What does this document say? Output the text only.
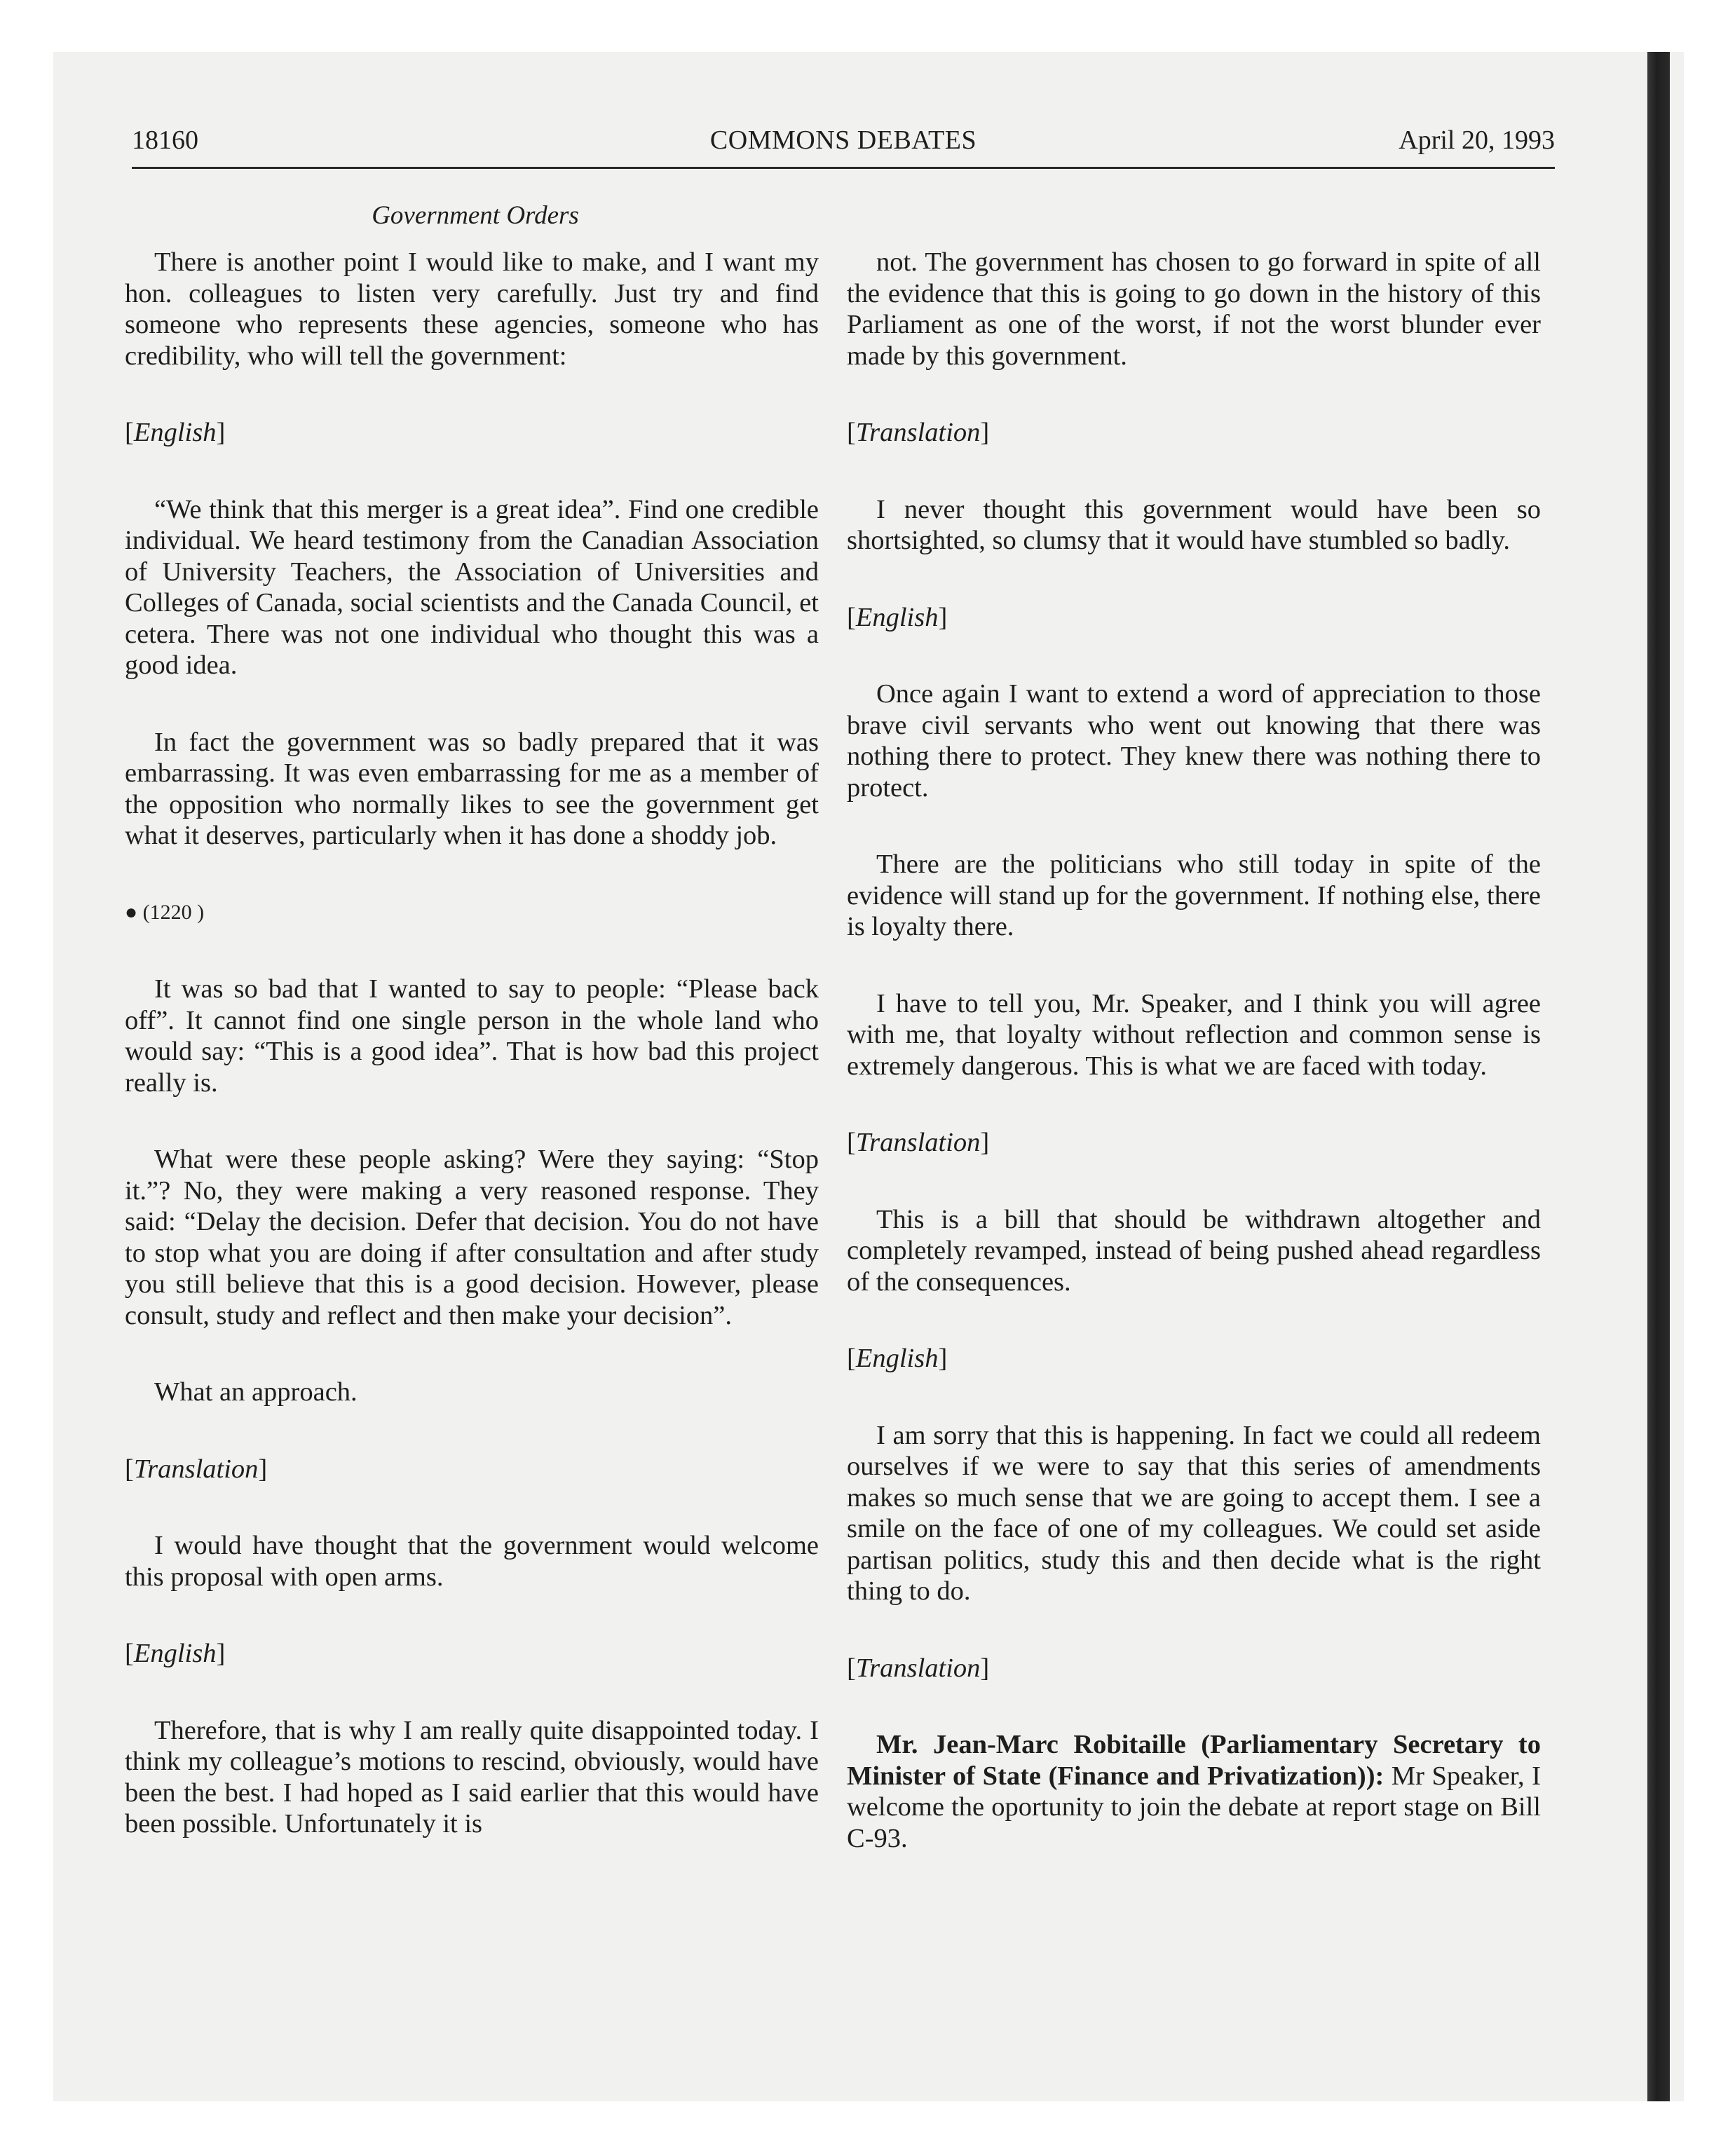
18160	COMMONS DEBATES	April 20, 1993
Government Orders
There is another point I would like to make, and I want my hon. colleagues to listen very carefully. Just try and find someone who represents these agencies, someone who has credibility, who will tell the government:
[English]
“We think that this merger is a great idea”. Find one credible individual. We heard testimony from the Canadian Association of University Teachers, the Association of Universities and Colleges of Canada, social scientists and the Canada Council, et cetera. There was not one individual who thought this was a good idea.
In fact the government was so badly prepared that it was embarrassing. It was even embarrassing for me as a member of the opposition who normally likes to see the government get what it deserves, particularly when it has done a shoddy job.
● (1220 )
It was so bad that I wanted to say to people: “Please back off”. It cannot find one single person in the whole land who would say: “This is a good idea”. That is how bad this project really is.
What were these people asking? Were they saying: “Stop it.”? No, they were making a very reasoned response. They said: “Delay the decision. Defer that decision. You do not have to stop what you are doing if after consultation and after study you still believe that this is a good decision. However, please consult, study and reflect and then make your decision”.
What an approach.
[Translation]
I would have thought that the government would welcome this proposal with open arms.
[English]
Therefore, that is why I am really quite disappointed today. I think my colleague’s motions to rescind, obviously, would have been the best. I had hoped as I said earlier that this would have been possible. Unfortunately it is
not. The government has chosen to go forward in spite of all the evidence that this is going to go down in the history of this Parliament as one of the worst, if not the worst blunder ever made by this government.
[Translation]
I never thought this government would have been so shortsighted, so clumsy that it would have stumbled so badly.
[English]
Once again I want to extend a word of appreciation to those brave civil servants who went out knowing that there was nothing there to protect. They knew there was nothing there to protect.
There are the politicians who still today in spite of the evidence will stand up for the government. If nothing else, there is loyalty there.
I have to tell you, Mr. Speaker, and I think you will agree with me, that loyalty without reflection and common sense is extremely dangerous. This is what we are faced with today.
[Translation]
This is a bill that should be withdrawn altogether and completely revamped, instead of being pushed ahead regardless of the consequences.
[English]
I am sorry that this is happening. In fact we could all redeem ourselves if we were to say that this series of amendments makes so much sense that we are going to accept them. I see a smile on the face of one of my colleagues. We could set aside partisan politics, study this and then decide what is the right thing to do.
[Translation]
Mr. Jean-Marc Robitaille (Parliamentary Secretary to Minister of State (Finance and Privatization)): Mr Speaker, I welcome the oportunity to join the debate at report stage on Bill C-93.
